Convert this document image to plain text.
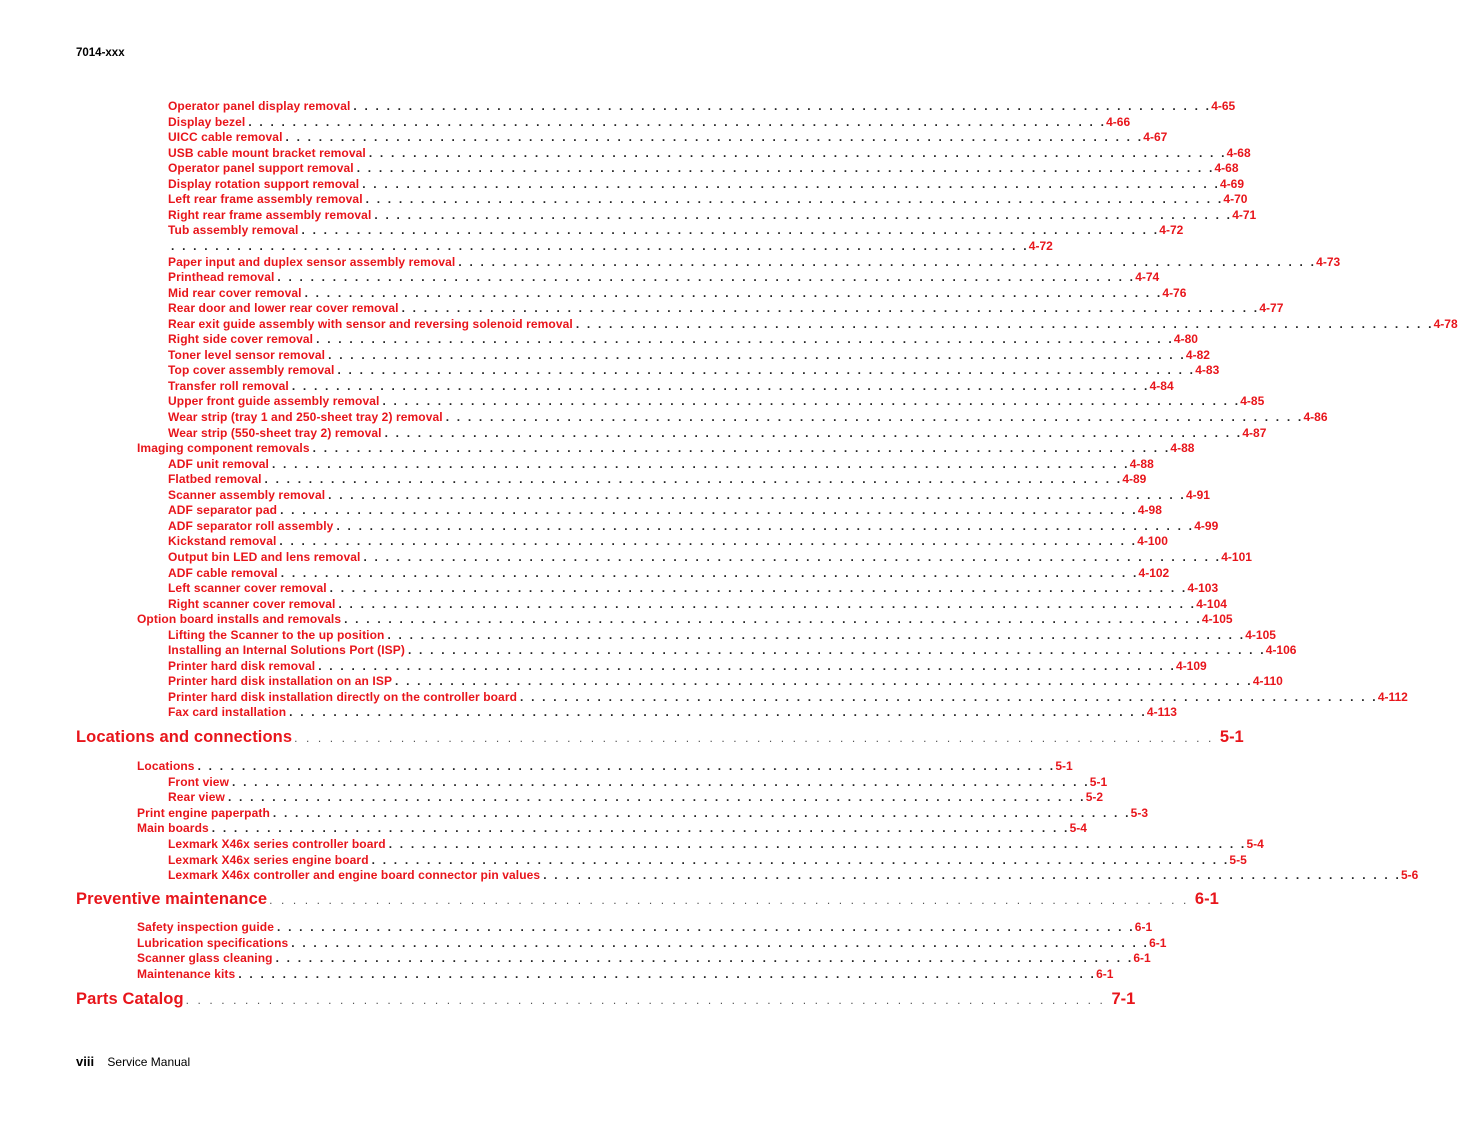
7014-xxx
Operator panel display removal . . . . . . . . . . . . . . . . . . . . . . . . . . . . . . . . . . . . . . . . . . . . . . . . . . . . . . . . . . . . . . . . . . . . . . . . . . . . . . 4-65
Display bezel . . . . . . . . . . . . . . . . . . . . . . . . . . . . . . . . . . . . . . . . . . . . . . . . . . . . . . . . . . . . . . . . . . . . . . . . . . . . . . 4-66
UICC cable removal . . . . . . . . . . . . . . . . . . . . . . . . . . . . . . . . . . . . . . . . . . . . . . . . . . . . . . . . . . . . . . . . . . . . . . . . . . . . . . 4-67
USB cable mount bracket removal . . . . . . . . . . . . . . . . . . . . . . . . . . . . . . . . . . . . . . . . . . . . . . . . . . . . . . . . . . . . . . . . . . . . . . . . . . . . . . 4-68
Operator panel support removal . . . . . . . . . . . . . . . . . . . . . . . . . . . . . . . . . . . . . . . . . . . . . . . . . . . . . . . . . . . . . . . . . . . . . . . . . . . . . . 4-68
Display rotation support removal . . . . . . . . . . . . . . . . . . . . . . . . . . . . . . . . . . . . . . . . . . . . . . . . . . . . . . . . . . . . . . . . . . . . . . . . . . . . . . 4-69
Left rear frame assembly removal . . . . . . . . . . . . . . . . . . . . . . . . . . . . . . . . . . . . . . . . . . . . . . . . . . . . . . . . . . . . . . . . . . . . . . . . . . . . . . 4-70
Right rear frame assembly removal . . . . . . . . . . . . . . . . . . . . . . . . . . . . . . . . . . . . . . . . . . . . . . . . . . . . . . . . . . . . . . . . . . . . . . . . . . . . . . 4-71
Tub assembly removal . . . . . . . . . . . . . . . . . . . . . . . . . . . . . . . . . . . . . . . . . . . . . . . . . . . . . . . . . . . . . . . . . . . . . . . . . . . . . . 4-72
. . . . . . . . . . . . . . . . . . . . . . . . . . . . . . . . . . . . . . . . . . . . . . . . . . . . . . . . . . . . . . . . . . . . . . . . . . . . . . 4-72
Paper input and duplex sensor assembly removal . . . . . . . . . . . . . . . . . . . . . . . . . . . . . . . . . . . . . . . . . . . . . . . . . . . . . . . . . . . . . . . . . . . . . . . . . . . . . . 4-73
Printhead removal . . . . . . . . . . . . . . . . . . . . . . . . . . . . . . . . . . . . . . . . . . . . . . . . . . . . . . . . . . . . . . . . . . . . . . . . . . . . . . 4-74
Mid rear cover removal . . . . . . . . . . . . . . . . . . . . . . . . . . . . . . . . . . . . . . . . . . . . . . . . . . . . . . . . . . . . . . . . . . . . . . . . . . . . . . 4-76
Rear door and lower rear cover removal . . . . . . . . . . . . . . . . . . . . . . . . . . . . . . . . . . . . . . . . . . . . . . . . . . . . . . . . . . . . . . . . . . . . . . . . . . . . . . 4-77
Rear exit guide assembly with sensor and reversing solenoid removal . . . . . . . . . . . . . . . . . . . . . . . . . . . . . . . . . . . . . . . . . . . . . . . . . . . . . . . . . . . . . . . . . . . . . . . . . . . . . . 4-78
Right side cover removal . . . . . . . . . . . . . . . . . . . . . . . . . . . . . . . . . . . . . . . . . . . . . . . . . . . . . . . . . . . . . . . . . . . . . . . . . . . . . . 4-80
Toner level sensor removal . . . . . . . . . . . . . . . . . . . . . . . . . . . . . . . . . . . . . . . . . . . . . . . . . . . . . . . . . . . . . . . . . . . . . . . . . . . . . . 4-82
Top cover assembly removal . . . . . . . . . . . . . . . . . . . . . . . . . . . . . . . . . . . . . . . . . . . . . . . . . . . . . . . . . . . . . . . . . . . . . . . . . . . . . . 4-83
Transfer roll removal . . . . . . . . . . . . . . . . . . . . . . . . . . . . . . . . . . . . . . . . . . . . . . . . . . . . . . . . . . . . . . . . . . . . . . . . . . . . . . 4-84
Upper front guide assembly removal . . . . . . . . . . . . . . . . . . . . . . . . . . . . . . . . . . . . . . . . . . . . . . . . . . . . . . . . . . . . . . . . . . . . . . . . . . . . . . 4-85
Wear strip (tray 1 and 250-sheet tray 2) removal . . . . . . . . . . . . . . . . . . . . . . . . . . . . . . . . . . . . . . . . . . . . . . . . . . . . . . . . . . . . . . . . . . . . . . . . . . . . . . 4-86
Wear strip (550-sheet tray 2) removal . . . . . . . . . . . . . . . . . . . . . . . . . . . . . . . . . . . . . . . . . . . . . . . . . . . . . . . . . . . . . . . . . . . . . . . . . . . . . . 4-87
Imaging component removals . . . . . . . . . . . . . . . . . . . . . . . . . . . . . . . . . . . . . . . . . . . . . . . . . . . . . . . . . . . . . . . . . . . . . . . . . . . . . . 4-88
ADF unit removal . . . . . . . . . . . . . . . . . . . . . . . . . . . . . . . . . . . . . . . . . . . . . . . . . . . . . . . . . . . . . . . . . . . . . . . . . . . . . . 4-88
Flatbed removal . . . . . . . . . . . . . . . . . . . . . . . . . . . . . . . . . . . . . . . . . . . . . . . . . . . . . . . . . . . . . . . . . . . . . . . . . . . . . . 4-89
Scanner assembly removal . . . . . . . . . . . . . . . . . . . . . . . . . . . . . . . . . . . . . . . . . . . . . . . . . . . . . . . . . . . . . . . . . . . . . . . . . . . . . . 4-91
ADF separator pad . . . . . . . . . . . . . . . . . . . . . . . . . . . . . . . . . . . . . . . . . . . . . . . . . . . . . . . . . . . . . . . . . . . . . . . . . . . . . . 4-98
ADF separator roll assembly . . . . . . . . . . . . . . . . . . . . . . . . . . . . . . . . . . . . . . . . . . . . . . . . . . . . . . . . . . . . . . . . . . . . . . . . . . . . . . 4-99
Kickstand removal . . . . . . . . . . . . . . . . . . . . . . . . . . . . . . . . . . . . . . . . . . . . . . . . . . . . . . . . . . . . . . . . . . . . . . . . . . . . . . 4-100
Output bin LED and lens removal . . . . . . . . . . . . . . . . . . . . . . . . . . . . . . . . . . . . . . . . . . . . . . . . . . . . . . . . . . . . . . . . . . . . . . . . . . . . . . 4-101
ADF cable removal . . . . . . . . . . . . . . . . . . . . . . . . . . . . . . . . . . . . . . . . . . . . . . . . . . . . . . . . . . . . . . . . . . . . . . . . . . . . . . 4-102
Left scanner cover removal . . . . . . . . . . . . . . . . . . . . . . . . . . . . . . . . . . . . . . . . . . . . . . . . . . . . . . . . . . . . . . . . . . . . . . . . . . . . . . 4-103
Right scanner cover removal . . . . . . . . . . . . . . . . . . . . . . . . . . . . . . . . . . . . . . . . . . . . . . . . . . . . . . . . . . . . . . . . . . . . . . . . . . . . . . 4-104
Option board installs and removals . . . . . . . . . . . . . . . . . . . . . . . . . . . . . . . . . . . . . . . . . . . . . . . . . . . . . . . . . . . . . . . . . . . . . . . . . . . . . . 4-105
Lifting the Scanner to the up position . . . . . . . . . . . . . . . . . . . . . . . . . . . . . . . . . . . . . . . . . . . . . . . . . . . . . . . . . . . . . . . . . . . . . . . . . . . . . . 4-105
Installing an Internal Solutions Port (ISP) . . . . . . . . . . . . . . . . . . . . . . . . . . . . . . . . . . . . . . . . . . . . . . . . . . . . . . . . . . . . . . . . . . . . . . . . . . . . . . 4-106
Printer hard disk removal . . . . . . . . . . . . . . . . . . . . . . . . . . . . . . . . . . . . . . . . . . . . . . . . . . . . . . . . . . . . . . . . . . . . . . . . . . . . . . 4-109
Printer hard disk installation on an ISP . . . . . . . . . . . . . . . . . . . . . . . . . . . . . . . . . . . . . . . . . . . . . . . . . . . . . . . . . . . . . . . . . . . . . . . . . . . . . . 4-110
Printer hard disk installation directly on the controller board . . . . . . . . . . . . . . . . . . . . . . . . . . . . . . . . . . . . . . . . . . . . . . . . . . . . . . . . . . . . . . . . . . . . . . . . . . . . . . 4-112
Fax card installation . . . . . . . . . . . . . . . . . . . . . . . . . . . . . . . . . . . . . . . . . . . . . . . . . . . . . . . . . . . . . . . . . . . . . . . . . . . . . . 4-113
Locations and connections . . . . . . . . . . . . . . . . . . . . . . . . . . . . . . . . . . . . . . . . . . . . . . . . . . . . . . . . . . . . . . . . . . . . . . . . . . . . . . 5-1
Locations . . . . . . . . . . . . . . . . . . . . . . . . . . . . . . . . . . . . . . . . . . . . . . . . . . . . . . . . . . . . . . . . . . . . . . . . . . . . . . 5-1
Front view . . . . . . . . . . . . . . . . . . . . . . . . . . . . . . . . . . . . . . . . . . . . . . . . . . . . . . . . . . . . . . . . . . . . . . . . . . . . . . 5-1
Rear view . . . . . . . . . . . . . . . . . . . . . . . . . . . . . . . . . . . . . . . . . . . . . . . . . . . . . . . . . . . . . . . . . . . . . . . . . . . . . . 5-2
Print engine paperpath . . . . . . . . . . . . . . . . . . . . . . . . . . . . . . . . . . . . . . . . . . . . . . . . . . . . . . . . . . . . . . . . . . . . . . . . . . . . . . 5-3
Main boards . . . . . . . . . . . . . . . . . . . . . . . . . . . . . . . . . . . . . . . . . . . . . . . . . . . . . . . . . . . . . . . . . . . . . . . . . . . . . . 5-4
Lexmark X46x series controller board . . . . . . . . . . . . . . . . . . . . . . . . . . . . . . . . . . . . . . . . . . . . . . . . . . . . . . . . . . . . . . . . . . . . . . . . . . . . . . 5-4
Lexmark X46x series engine board . . . . . . . . . . . . . . . . . . . . . . . . . . . . . . . . . . . . . . . . . . . . . . . . . . . . . . . . . . . . . . . . . . . . . . . . . . . . . . 5-5
Lexmark X46x controller and engine board connector pin values . . . . . . . . . . . . . . . . . . . . . . . . . . . . . . . . . . . . . . . . . . . . . . . . . . . . . . . . . . . . . . . . . . . . . . . . . . . . . . 5-6
Preventive maintenance . . . . . . . . . . . . . . . . . . . . . . . . . . . . . . . . . . . . . . . . . . . . . . . . . . . . . . . . . . . . . . . . . . . . . . . . . . . . . . 6-1
Safety inspection guide . . . . . . . . . . . . . . . . . . . . . . . . . . . . . . . . . . . . . . . . . . . . . . . . . . . . . . . . . . . . . . . . . . . . . . . . . . . . . . 6-1
Lubrication specifications . . . . . . . . . . . . . . . . . . . . . . . . . . . . . . . . . . . . . . . . . . . . . . . . . . . . . . . . . . . . . . . . . . . . . . . . . . . . . . 6-1
Scanner glass cleaning . . . . . . . . . . . . . . . . . . . . . . . . . . . . . . . . . . . . . . . . . . . . . . . . . . . . . . . . . . . . . . . . . . . . . . . . . . . . . . 6-1
Maintenance kits . . . . . . . . . . . . . . . . . . . . . . . . . . . . . . . . . . . . . . . . . . . . . . . . . . . . . . . . . . . . . . . . . . . . . . . . . . . . . . 6-1
Parts Catalog . . . . . . . . . . . . . . . . . . . . . . . . . . . . . . . . . . . . . . . . . . . . . . . . . . . . . . . . . . . . . . . . . . . . . . . . . . . . . . 7-1
viii Service Manual
